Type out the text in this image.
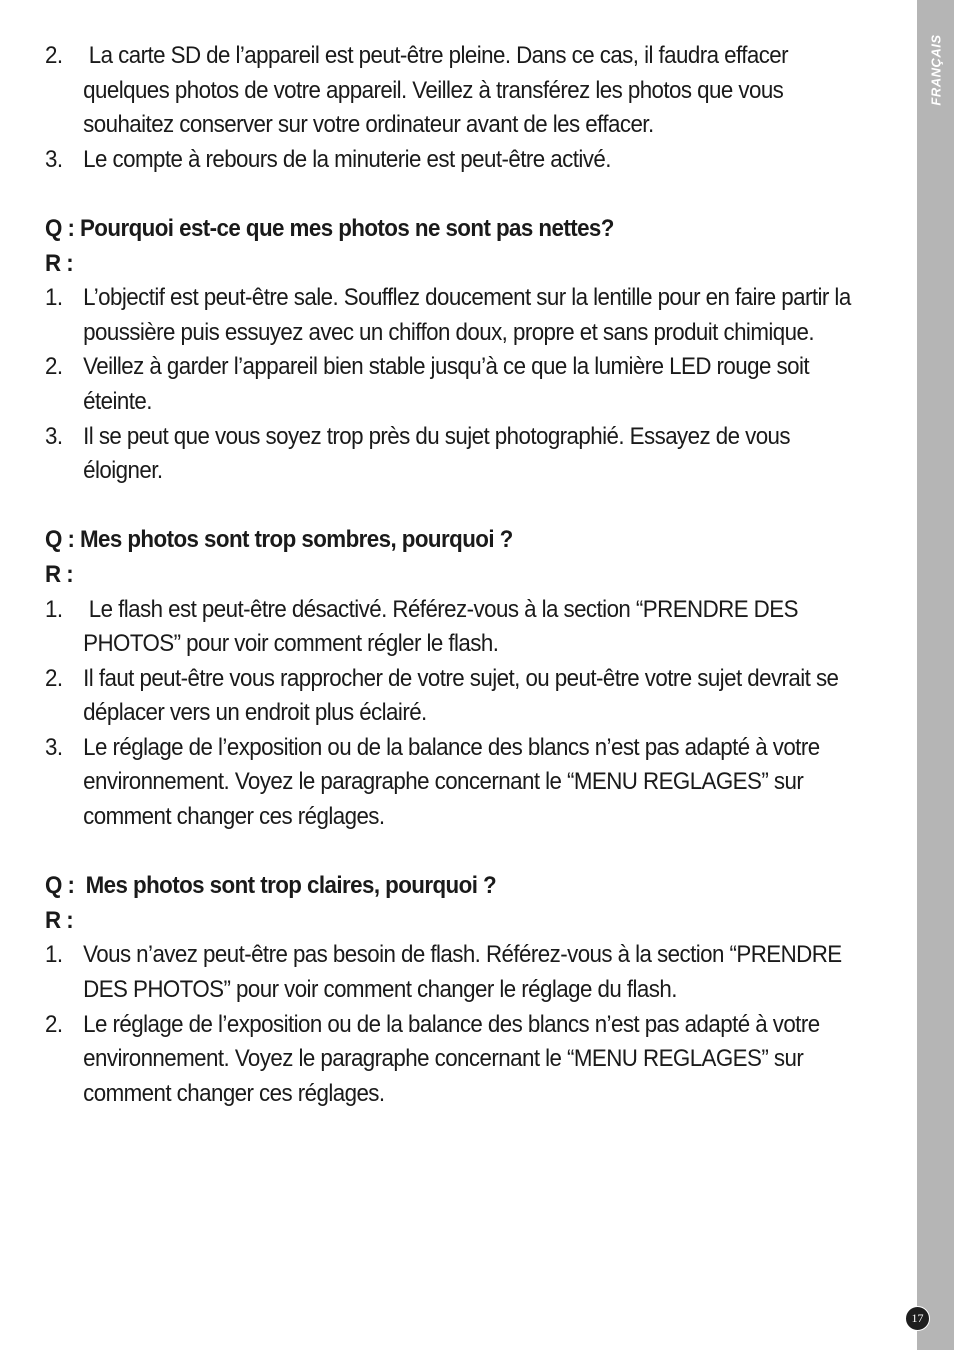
FRANÇAIS
17
2. La carte SD de l’appareil est peut-être pleine. Dans ce cas, il faudra effacer quelques photos de votre appareil. Veillez à transférez les photos que vous souhaitez conserver sur votre ordinateur avant de les effacer.
3. Le compte à rebours de la minuterie est peut-être activé.

Q : Pourquoi est-ce que mes photos ne sont pas nettes?

R :

1. L’objectif est peut-être sale. Soufflez doucement sur la lentille pour en faire partir la poussière puis essuyez avec un chiffon doux, propre et sans produit chimique.
2. Veillez à garder l’appareil bien stable jusqu’à ce que la lumière LED rouge soit éteinte.
3. Il se peut que vous soyez trop près du sujet photographié. Essayez de vous éloigner.

Q : Mes photos sont trop sombres, pourquoi ?

R :

1. Le flash est peut-être désactivé. Référez-vous à la section “PRENDRE DES PHOTOS” pour voir comment régler le flash.
2. Il faut peut-être vous rapprocher de votre sujet, ou peut-être votre sujet devrait se déplacer vers un endroit plus éclairé.
3. Le réglage de l’exposition ou de la balance des blancs n’est pas adapté à votre environnement. Voyez le paragraphe concernant le “MENU REGLAGES” sur comment changer ces réglages.

Q :  Mes photos sont trop claires, pourquoi ?

R :

1. Vous n’avez peut-être pas besoin de flash. Référez-vous à la section “PRENDRE DES PHOTOS” pour voir comment changer le réglage du flash.
2. Le réglage de l’exposition ou de la balance des blancs n’est pas adapté à votre environnement. Voyez le paragraphe concernant le “MENU REGLAGES” sur comment changer ces réglages.
